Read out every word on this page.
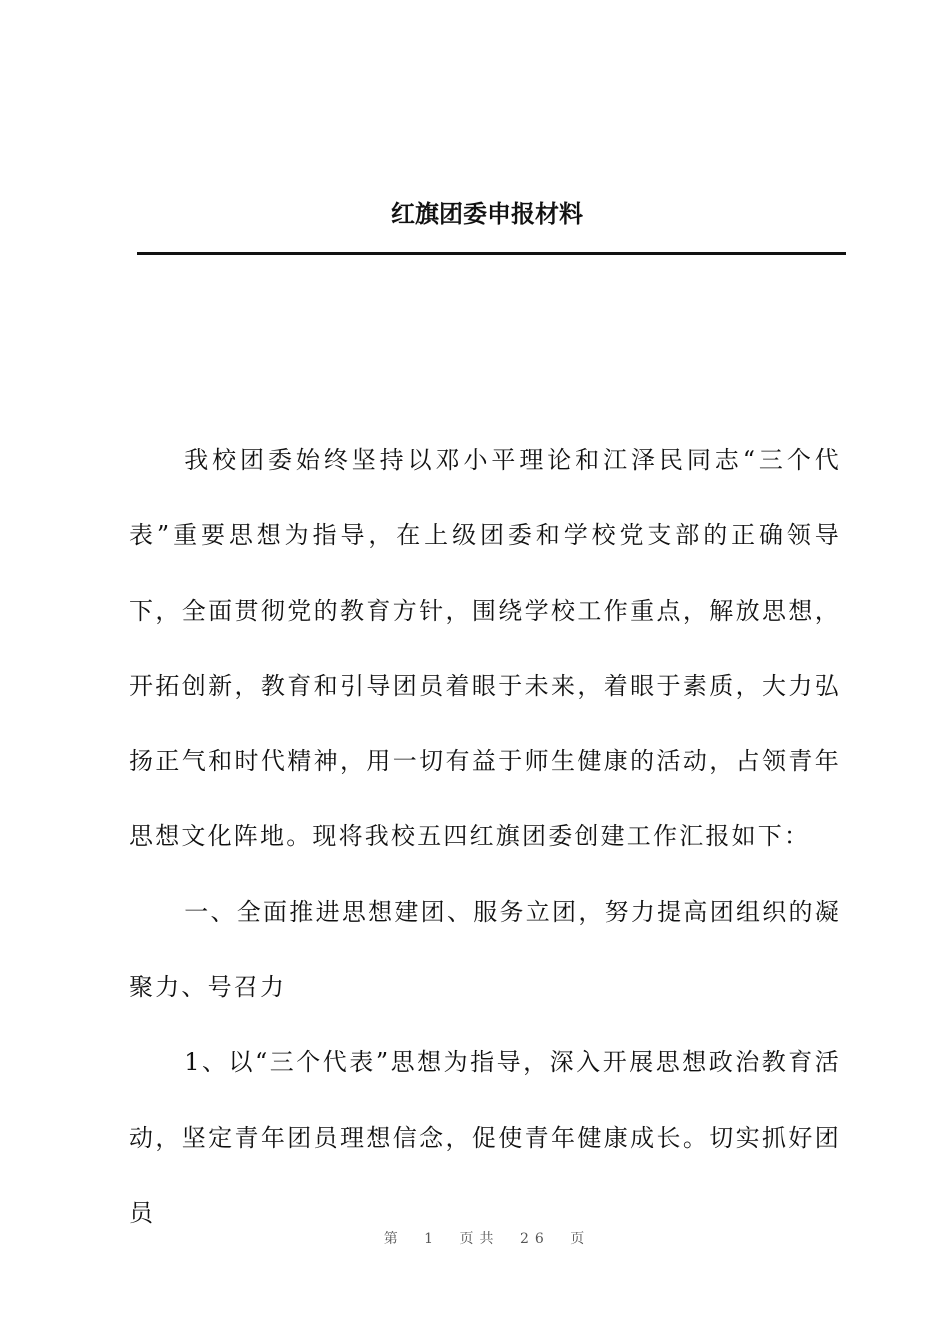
红旗团委申报材料

我校团委始终坚持以邓小平理论和江泽民同志“三个代表”重要思想为指导，在上级团委和学校党支部的正确领导下，全面贯彻党的教育方针，围绕学校工作重点，解放思想，开拓创新，教育和引导团员着眼于未来，着眼于素质，大力弘扬正气和时代精神，用一切有益于师生健康的活动，占领青年思想文化阵地。现将我校五四红旗团委创建工作汇报如下：

一、全面推进思想建团、服务立团，努力提高团组织的凝聚力、号召力

1、以“三个代表”思想为指导，深入开展思想政治教育活动，坚定青年团员理想信念，促使青年健康成长。切实抓好团员

第 1 页共 26 页
